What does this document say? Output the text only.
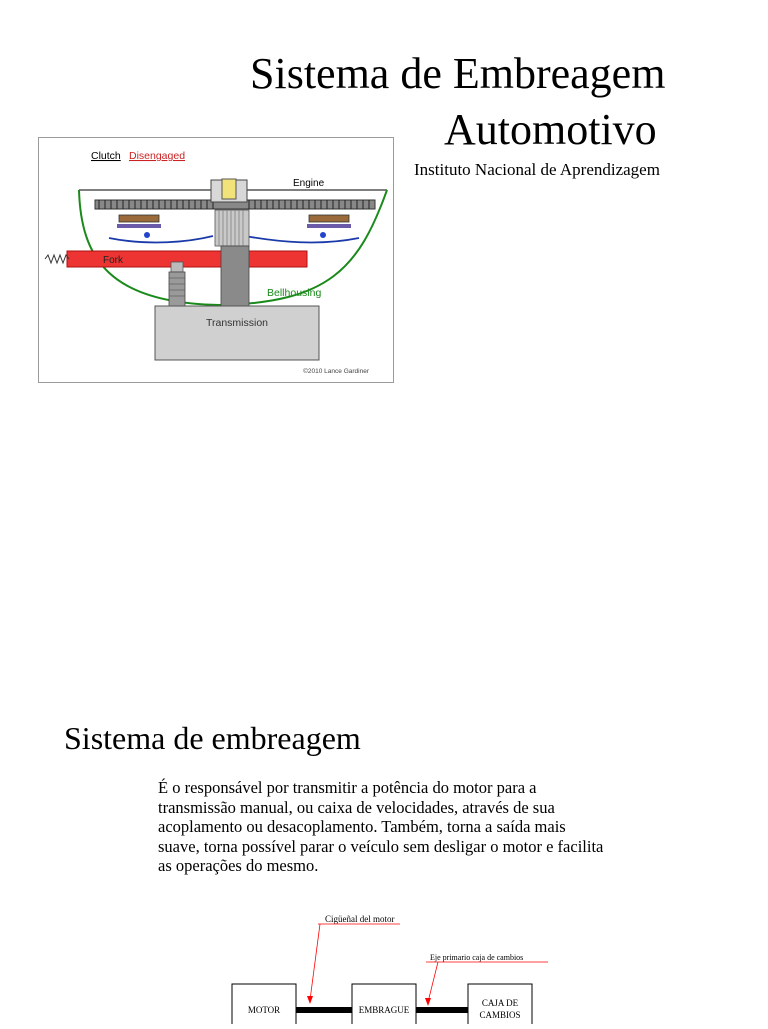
Sistema de Embreagem
Automotivo
Instituto Nacional de Aprendizagem
Clutch Disengaged
Engine
Bellhousing
Fork
Transmission
©2010 Lance Gardiner
Sistema de embreagem
É o responsável por transmitir a potência do motor para a transmissão manual, ou caixa de velocidades, através de sua acoplamento ou desacoplamento. Também, torna a saída mais suave, torna possível parar o veículo sem desligar o motor e facilita as operações do mesmo.
Cigüeñal del motor
Eje primario caja de cambios
MOTOR	EMBRAGUE
CAJA DE
CAMBIOS
